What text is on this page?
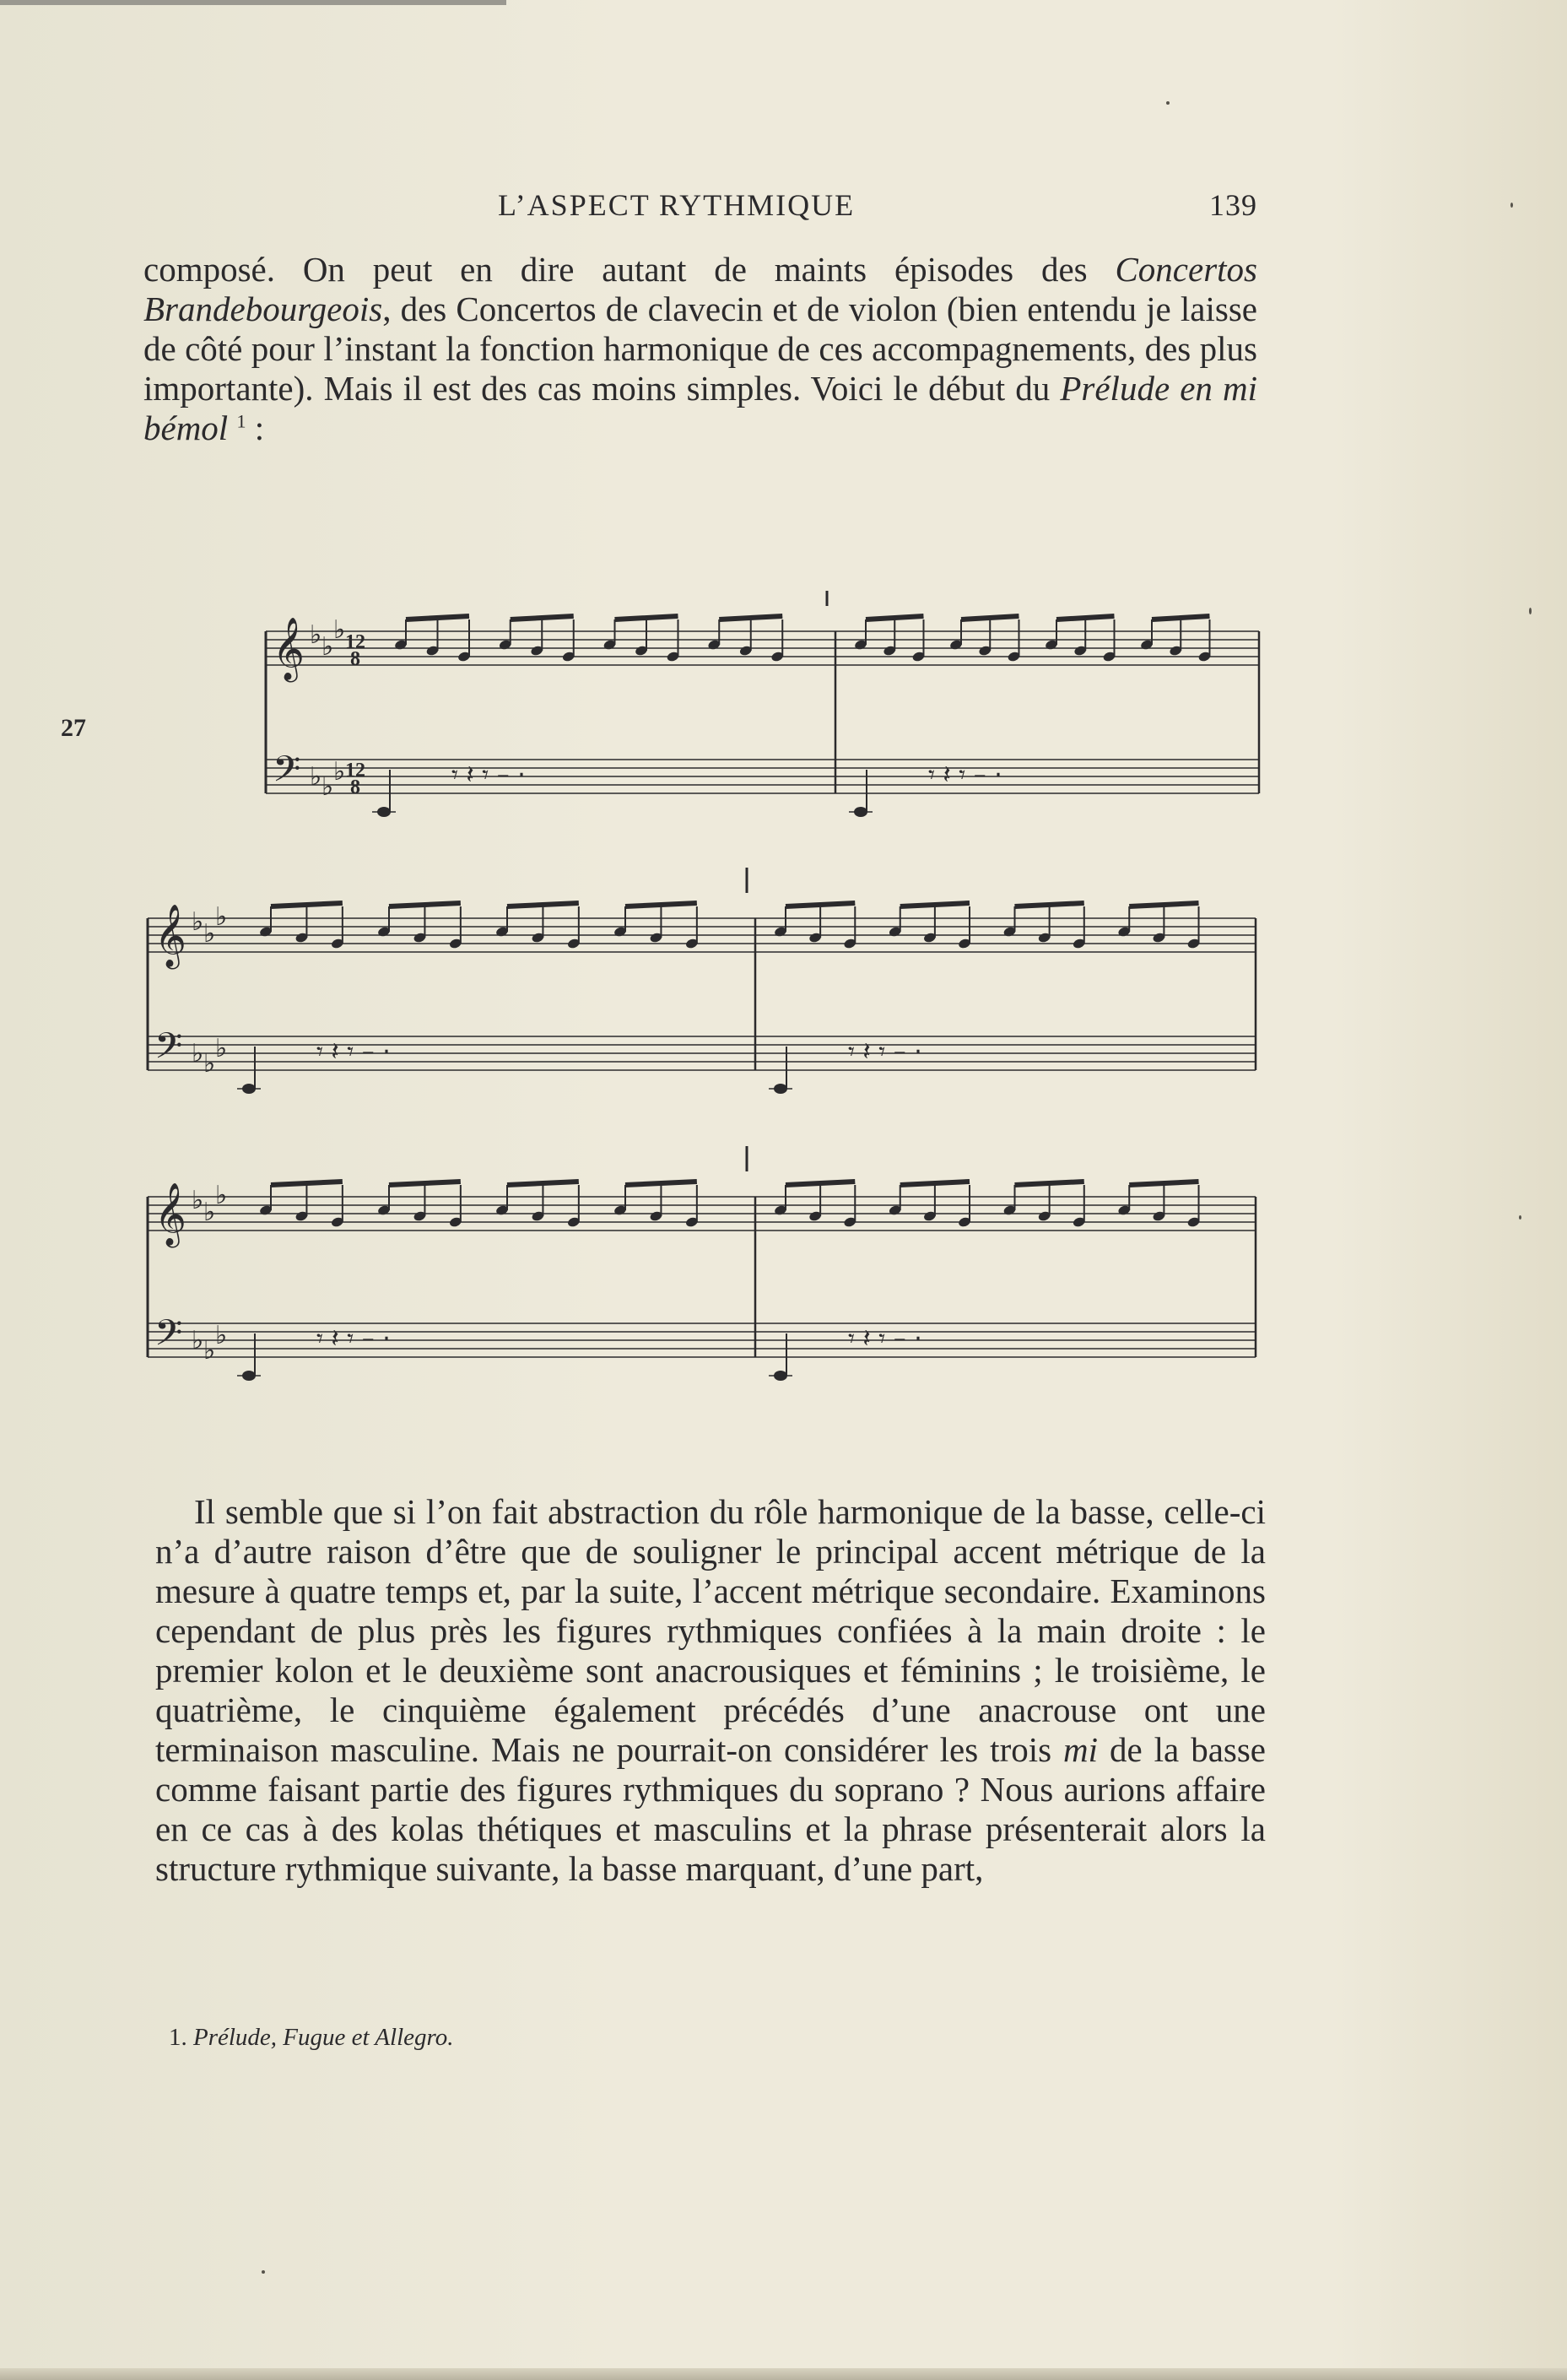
L’ASPECT RYTHMIQUE	139
composé. On peut en dire autant de maints épisodes des Concertos Brandebourgeois, des Concertos de clavecin et de violon (bien entendu je laisse de côté pour l’instant la fonction harmonique de ces accompagnements, des plus importante). Mais il est des cas moins simples. Voici le début du Prélude en mi bémol $^1$ :
27
𝄞
𝄢
♭ ♭
♭
♭ ♭
♭
12
8
12
8	𝄾 𝄽 𝄾 – ·	𝄾 𝄽 𝄾 – ·
𝄞
𝄢
♭ ♭
♭
♭ ♭
♭	𝄾 𝄽 𝄾 – ·	𝄾 𝄽 𝄾 – ·
𝄞
𝄢
♭ ♭
♭
♭ ♭
♭	𝄾 𝄽 𝄾 – ·	𝄾 𝄽 𝄾 – ·
Il semble que si l’on fait abstraction du rôle harmonique de la basse, celle-ci n’a d’autre raison d’être que de souligner le principal accent métrique de la mesure à quatre temps et, par la suite, l’accent métrique secondaire. Examinons cependant de plus près les figures rythmiques confiées à la main droite : le premier kolon et le deuxième sont anacrousiques et féminins ; le troisième, le quatrième, le cinquième également précédés d’une anacrouse ont une terminaison masculine. Mais ne pourrait-on considérer les trois mi de la basse comme faisant partie des figures rythmiques du soprano ? Nous aurions affaire en ce cas à des kolas thétiques et masculins et la phrase présenterait alors la structure rythmique suivante, la basse marquant, d’une part,
1. Prélude, Fugue et Allegro.
